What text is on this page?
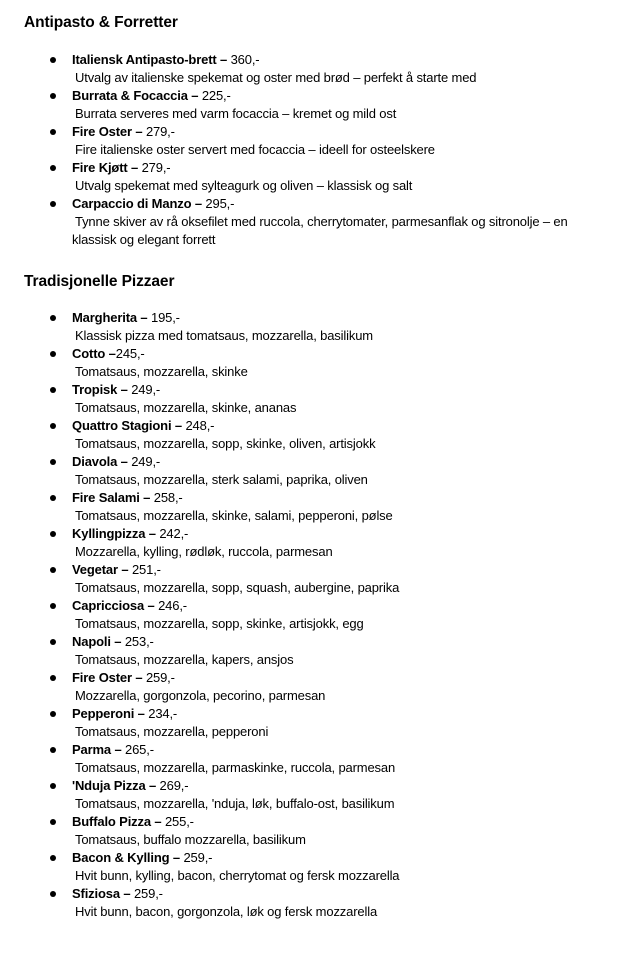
Antipasto & Forretter
Italiensk Antipasto-brett – 360,-
Utvalg av italienske spekemat og oster med brød – perfekt å starte med
Burrata & Focaccia – 225,-
Burrata serveres med varm focaccia – kremet og mild ost
Fire Oster – 279,-
Fire italienske oster servert med focaccia – ideell for osteelskere
Fire Kjøtt – 279,-
Utvalg spekemat med sylteagurk og oliven – klassisk og salt
Carpaccio di Manzo – 295,-
Tynne skiver av rå oksefilet med ruccola, cherrytomater, parmesanflak og sitronolje – en klassisk og elegant forrett
Tradisjonelle Pizzaer
Margherita – 195,-
Klassisk pizza med tomatsaus, mozzarella, basilikum
Cotto –245,-
Tomatsaus, mozzarella, skinke
Tropisk – 249,-
Tomatsaus, mozzarella, skinke, ananas
Quattro Stagioni – 248,-
Tomatsaus, mozzarella, sopp, skinke, oliven, artisjokk
Diavola – 249,-
Tomatsaus, mozzarella, sterk salami, paprika, oliven
Fire Salami – 258,-
Tomatsaus, mozzarella, skinke, salami, pepperoni, pølse
Kyllingpizza – 242,-
Mozzarella, kylling, rødløk, ruccola, parmesan
Vegetar – 251,-
Tomatsaus, mozzarella, sopp, squash, aubergine, paprika
Capricciosa – 246,-
Tomatsaus, mozzarella, sopp, skinke, artisjokk, egg
Napoli – 253,-
Tomatsaus, mozzarella, kapers, ansjos
Fire Oster – 259,-
Mozzarella, gorgonzola, pecorino, parmesan
Pepperoni – 234,-
Tomatsaus, mozzarella, pepperoni
Parma – 265,-
Tomatsaus, mozzarella, parmaskinke, ruccola, parmesan
'Nduja Pizza – 269,-
Tomatsaus, mozzarella, 'nduja, løk, buffalo-ost, basilikum
Buffalo Pizza – 255,-
Tomatsaus, buffalo mozzarella, basilikum
Bacon & Kylling – 259,-
Hvit bunn, kylling, bacon, cherrytomat og fersk mozzarella
Sfiziosa – 259,-
Hvit bunn, bacon, gorgonzola, løk og fersk mozzarella
